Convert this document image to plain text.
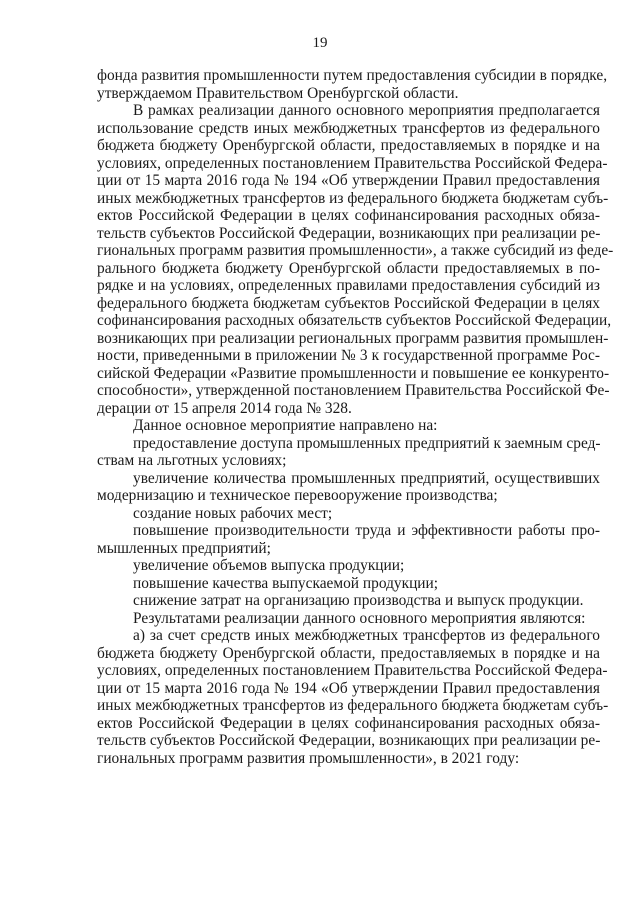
19
фонда развития промышленности путем предоставления субсидии в порядке,
утверждаемом Правительством Оренбургской области.
В рамках реализации данного основного мероприятия предполагается
использование средств иных межбюджетных трансфертов из федерального
бюджета бюджету Оренбургской области, предоставляемых в порядке и на
условиях, определенных постановлением Правительства Российской Федера-
ции от 15 марта 2016 года № 194 «Об утверждении Правил предоставления
иных межбюджетных трансфертов из федерального бюджета бюджетам субъ-
ектов Российской Федерации в целях софинансирования расходных обяза-
тельств субъектов Российской Федерации, возникающих при реализации ре-
гиональных программ развития промышленности», а также субсидий из феде-
рального бюджета бюджету Оренбургской области предоставляемых в по-
рядке и на условиях, определенных правилами предоставления субсидий из
федерального бюджета бюджетам субъектов Российской Федерации в целях
софинансирования расходных обязательств субъектов Российской Федерации,
возникающих при реализации региональных программ развития промышлен-
ности, приведенными в приложении № 3 к государственной программе Рос-
сийской Федерации «Развитие промышленности и повышение ее конкуренто-
способности», утвержденной постановлением Правительства Российской Фе-
дерации от 15 апреля 2014 года № 328.
Данное основное мероприятие направлено на:
предоставление доступа промышленных предприятий к заемным сред-
ствам на льготных условиях;
увеличение количества промышленных предприятий, осуществивших
модернизацию и техническое перевооружение производства;
создание новых рабочих мест;
повышение производительности труда и эффективности работы про-
мышленных предприятий;
увеличение объемов выпуска продукции;
повышение качества выпускаемой продукции;
снижение затрат на организацию производства и выпуск продукции.
Результатами реализации данного основного мероприятия являются:
а) за счет средств иных межбюджетных трансфертов из федерального
бюджета бюджету Оренбургской области, предоставляемых в порядке и на
условиях, определенных постановлением Правительства Российской Федера-
ции от 15 марта 2016 года № 194 «Об утверждении Правил предоставления
иных межбюджетных трансфертов из федерального бюджета бюджетам субъ-
ектов Российской Федерации в целях софинансирования расходных обяза-
тельств субъектов Российской Федерации, возникающих при реализации ре-
гиональных программ развития промышленности», в 2021 году:
